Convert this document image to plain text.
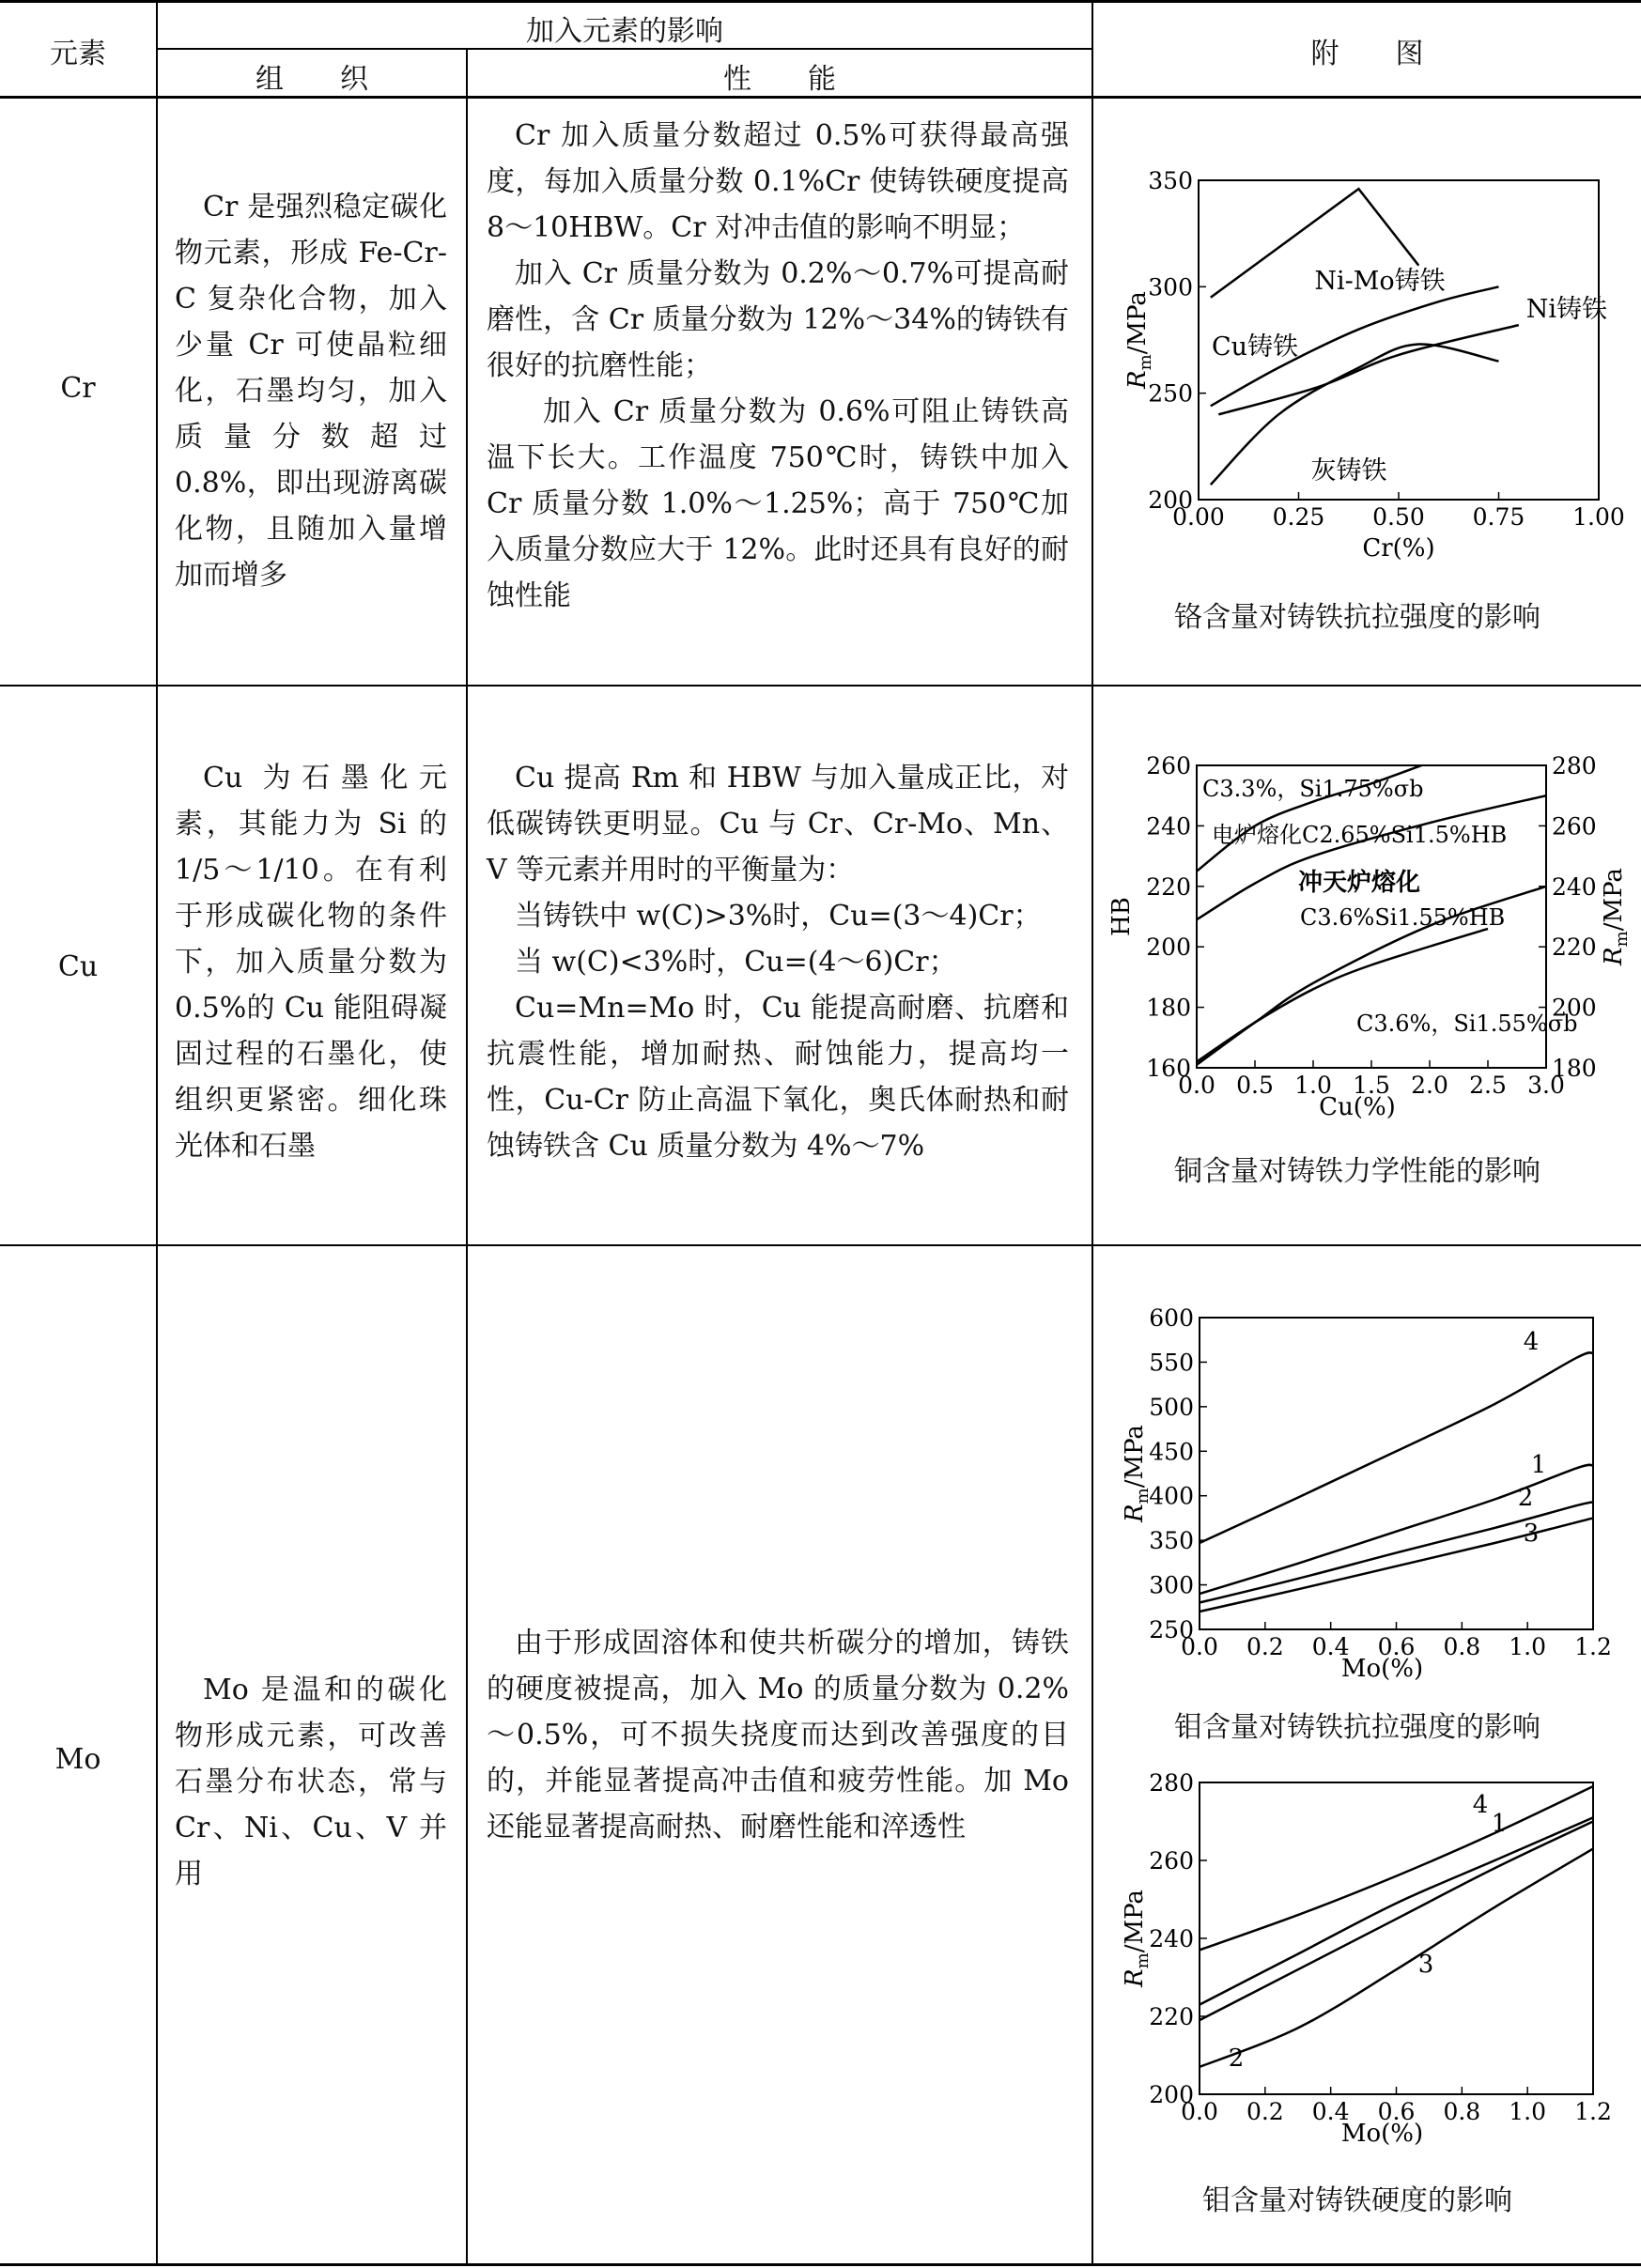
元素
加入元素的影响
组　　织	性　　能
附　　图
Cr
Cr 是强烈稳定碳化物元素，形成 Fe-Cr-C 复杂化合物，加入少量 Cr 可使晶粒细化，石墨均匀，加入质量分数超过 0.8%，即出现游离碳化物，且随加入量增加而增多

Cr 加入质量分数超过 0.5%可获得最高强度，每加入质量分数 0.1%Cr 使铸铁硬度提高 8～10HBW。Cr 对冲击值的影响不明显；

加入 Cr 质量分数为 0.2%～0.7%可提高耐磨性，含 Cr 质量分数为 12%～34%的铸铁有很好的抗磨性能；

加入 Cr 质量分数为 0.6%可阻止铸铁高温下长大。工作温度 750℃时，铸铁中加入 Cr 质量分数 1.0%～1.25%；高于 750℃加入质量分数应大于 12%。此时还具有良好的耐蚀性能

0.00 0.25 0.50 0.75 1.00
200
250
300
350
Cr(%)
$R_m$/MPa
Ni-Mo铸铁
Ni铸铁
Cu铸铁
灰铸铁
铬含量对铸铁抗拉强度的影响
Cu
Cu 为石墨化元素，其能力为 Si 的 1/5～1/10。在有利于形成碳化物的条件下，加入质量分数为 0.5%的 Cu 能阻碍凝固过程的石墨化，使组织更紧密。细化珠光体和石墨

Cu 提高 Rm 和 HBW 与加入量成正比，对低碳铸铁更明显。Cu 与 Cr、Cr-Mo、Mn、V 等元素并用时的平衡量为：

当铸铁中 w(C)>3%时，Cu=(3～4)Cr；

当 w(C)<3%时，Cu=(4～6)Cr；

Cu=Mn=Mo 时，Cu 能提高耐磨、抗磨和抗震性能，增加耐热、耐蚀能力，提高均一性，Cu-Cr 防止高温下氧化，奥氏体耐热和耐蚀铸铁含 Cu 质量分数为 4%～7%

0.0 0.5 1.0 1.5 2.0 2.5 3.0
160
180
200
220
240
260
180
200
220
240
260
280
Cu(%)
HB
$R_m$/MPa
C3.3%，Si1.75%σb
电炉熔化C2.65%Si1.5%HB
冲天炉熔化
C3.6%Si1.55%HB
C3.6%，Si1.55%σb
铜含量对铸铁力学性能的影响
Mo
Mo 是温和的碳化物形成元素，可改善石墨分布状态，常与 Cr、Ni、Cu、V 并用
由于形成固溶体和使共析碳分的增加，铸铁的硬度被提高，加入 Mo 的质量分数为 0.2%～0.5%，可不损失挠度而达到改善强度的目的，并能显著提高冲击值和疲劳性能。加 Mo 还能显著提高耐热、耐磨性能和淬透性
0.0 0.2 0.4 0.6 0.8 1.0 1.2
250
300
350
400
450
500
550
600
Mo(%)
$R_m$/MPa
4
1
2
3
钼含量对铸铁抗拉强度的影响
0.0 0.2 0.4 0.6 0.8 1.0 1.2
200
220
240
260
280
Mo(%)
$R_m$/MPa
4
1
2
3
钼含量对铸铁硬度的影响
